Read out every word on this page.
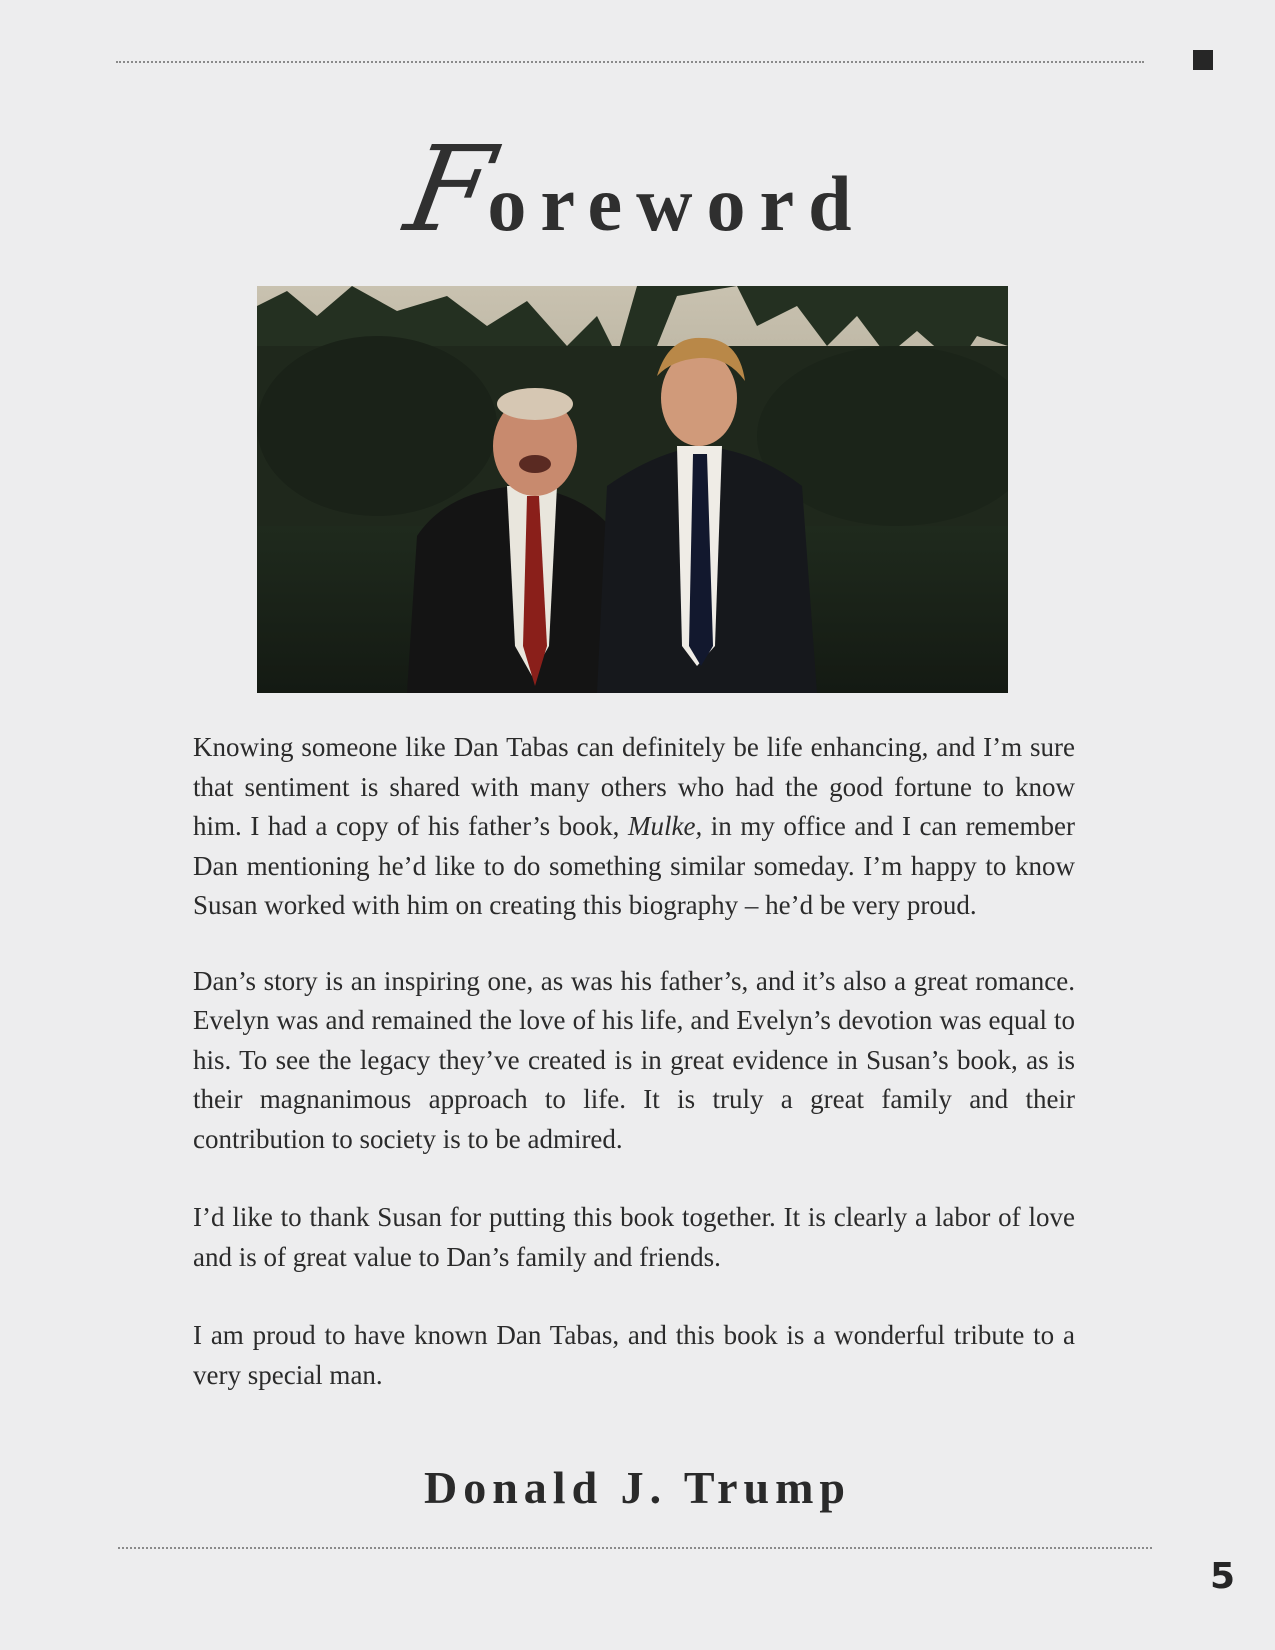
Foreword

Knowing someone like Dan Tabas can definitely be life enhancing, and I’m sure that sentiment is shared with many others who had the good fortune to know him. I had a copy of his father’s book, Mulke, in my office and I can remember Dan mentioning he’d like to do something similar someday. I’m happy to know Susan worked with him on creating this biography – he’d be very proud.

Dan’s story is an inspiring one, as was his father’s, and it’s also a great romance. Evelyn was and remained the love of his life, and Evelyn’s devotion was equal to his. To see the legacy they’ve created is in great evidence in Susan’s book, as is their magnanimous approach to life. It is truly a great family and their contribution to society is to be admired.

I’d like to thank Susan for putting this book together. It is clearly a labor of love and is of great value to Dan’s family and friends.

I am proud to have known Dan Tabas, and this book is a wonderful tribute to a very special man.

Donald J. Trump
5
